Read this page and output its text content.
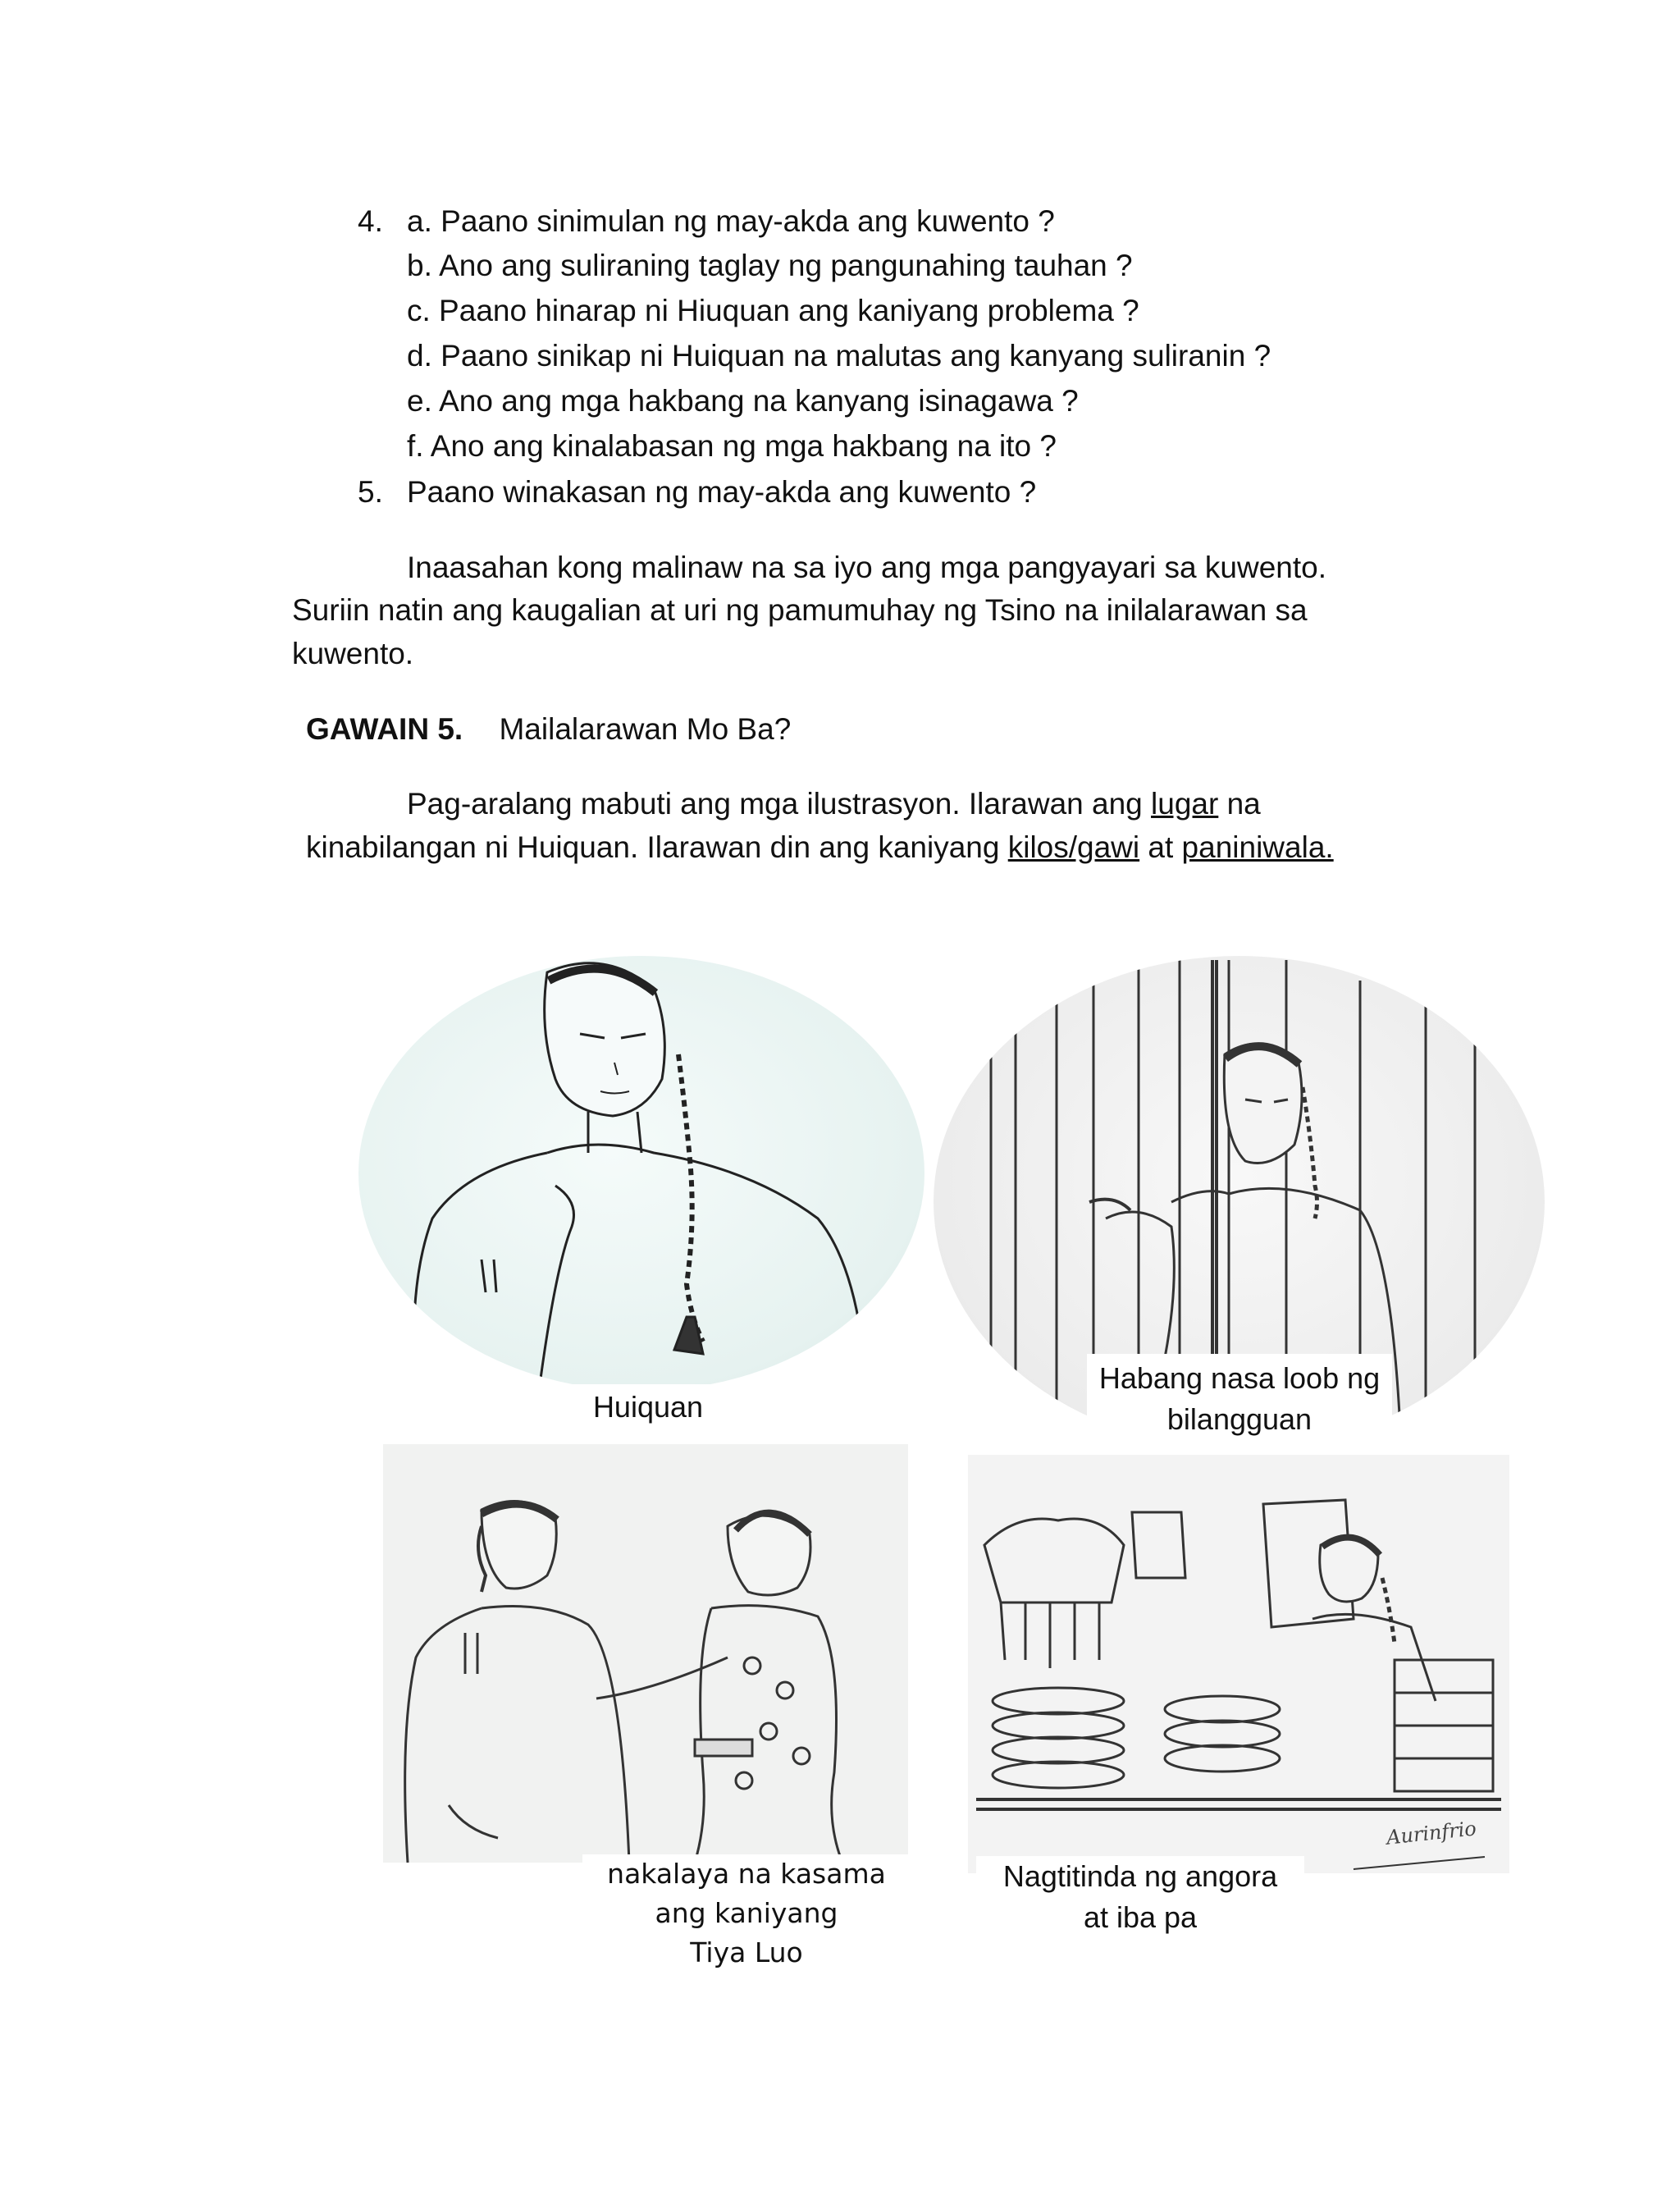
4. a. Paano sinimulan ng may-akda ang kuwento ?
b. Ano ang suliraning taglay ng pangunahing tauhan ?
c. Paano hinarap ni Hiuquan ang kaniyang problema ?
d. Paano sinikap ni Huiquan na malutas ang kanyang suliranin ?
e. Ano ang mga hakbang na kanyang isinagawa ?
f. Ano ang kinalabasan ng mga hakbang na ito ?
5. Paano winakasan ng may-akda ang kuwento ?
Inaasahan kong malinaw na sa iyo ang mga pangyayari sa kuwento.
Suriin natin ang kaugalian at uri ng pamumuhay ng Tsino na inilalarawan sa
kuwento.
GAWAIN 5. Mailalarawan Mo Ba?
Pag-aralang mabuti ang mga ilustrasyon. Ilarawan ang lugar na
kinabilangan ni Huiquan. Ilarawan din ang kaniyang kilos/gawi at paniniwala.
Huiquan
Habang nasa loob ng
bilangguan
nakalaya na kasama
ang kaniyang
Tiya Luo
Aurinfrio
Nagtitinda ng angora
at iba pa
